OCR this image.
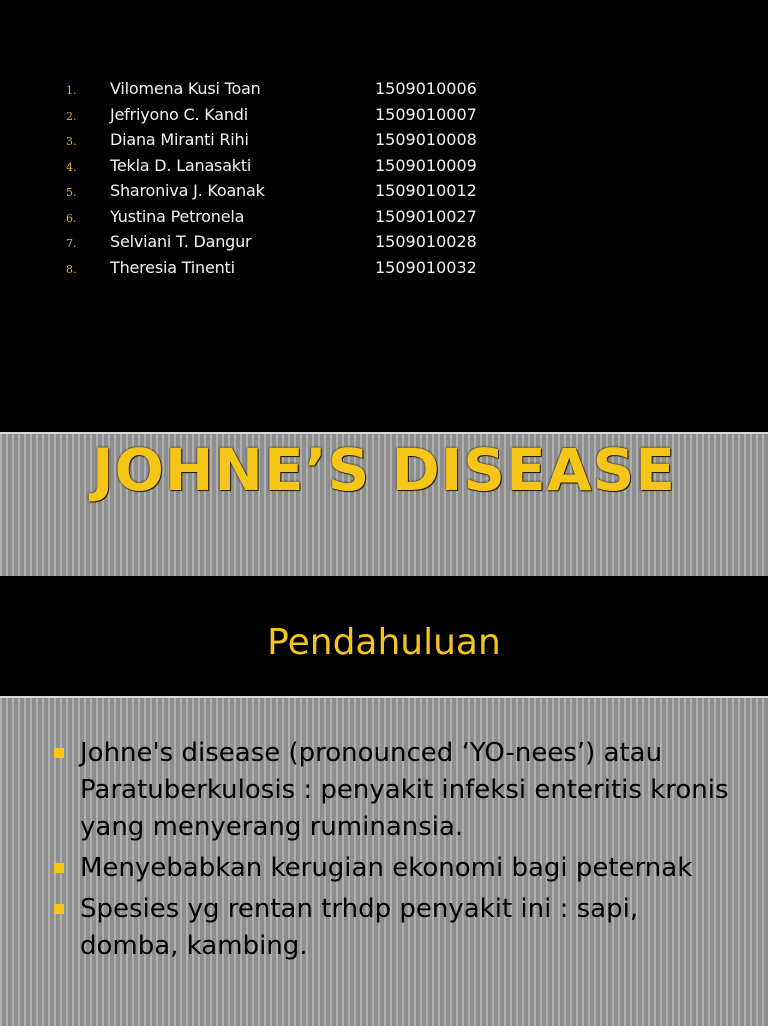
1. Vilomena Kusi Toan	1509010006
2. Jefriyono C. Kandi	1509010007
3. Diana Miranti Rihi	1509010008
4. Tekla D. Lanasakti	1509010009
5. Sharoniva J. Koanak	1509010012
6. Yustina Petronela	1509010027
7. Selviani T. Dangur	1509010028
8. Theresia Tinenti	1509010032
JOHNE’S DISEASE
Pendahuluan
Johne's disease (pronounced ‘YO-nees’) atau Paratuberkulosis : penyakit infeksi enteritis kronis yang menyerang ruminansia.
Menyebabkan kerugian ekonomi bagi peternak
Spesies yg rentan trhdp penyakit ini : sapi, domba, kambing.
